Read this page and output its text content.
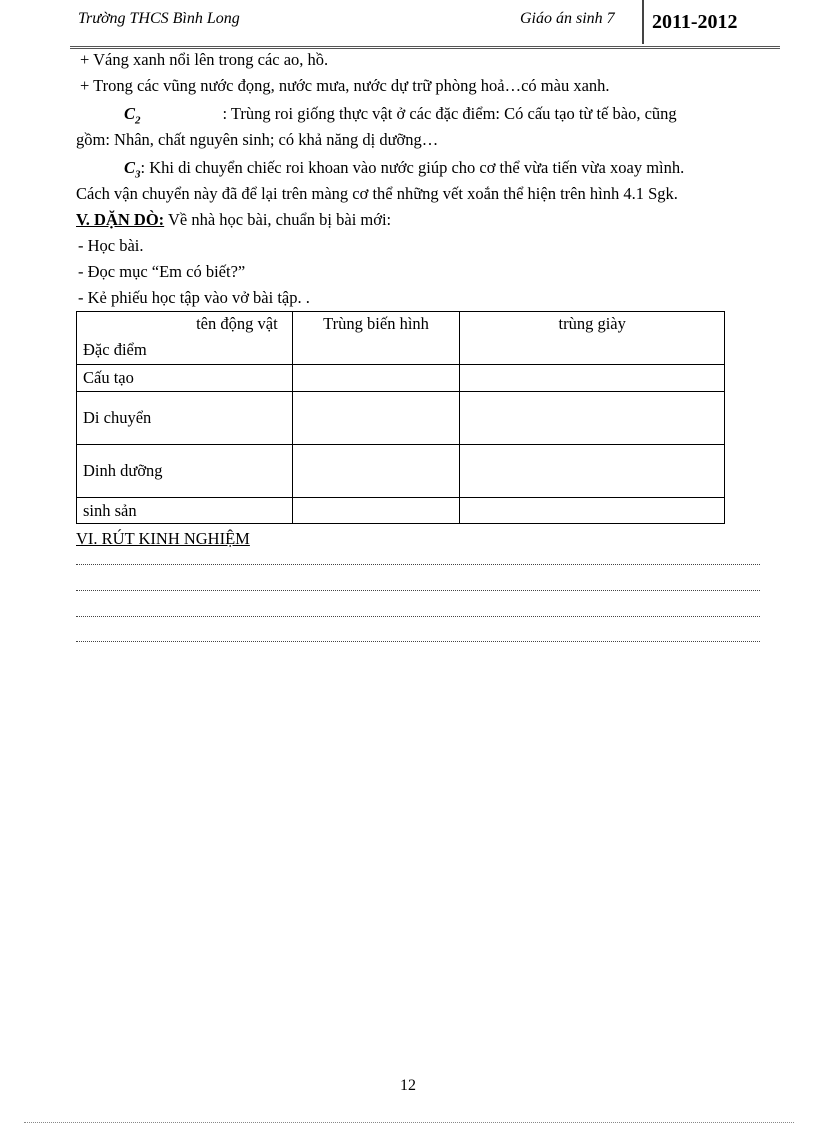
Trường THCS Bình Long	Giáo án sinh 7	2011-2012
+ Váng xanh nổi lên trong các ao, hồ.
+ Trong các vũng nước đọng, nước mưa, nước dự trữ phòng hoả…có màu xanh.
$C_2$	: Trùng roi giống thực vật ở các đặc điểm: Có cấu tạo từ tế bào, cũng
gồm: Nhân, chất nguyên sinh; có khả năng dị dưỡng…
$C_3$: Khi di chuyển chiếc roi khoan vào nước giúp cho cơ thể vừa tiến vừa xoay mình.
Cách vận chuyển này đã để lại trên màng cơ thể những vết xoắn thể hiện trên hình 4.1 Sgk.
V. DẶN DÒ: Về nhà học bài, chuẩn bị bài mới:
- Học bài.
- Đọc mục “Em có biết?”
- Kẻ phiếu học tập vào vở bài tập. .
tên động vật
Đặc điểm	Trùng biến hình	trùng giày
Cấu tạo		
Di chuyển		
Dinh dưỡng		
sinh sản		
VI. RÚT KINH NGHIỆM
12
